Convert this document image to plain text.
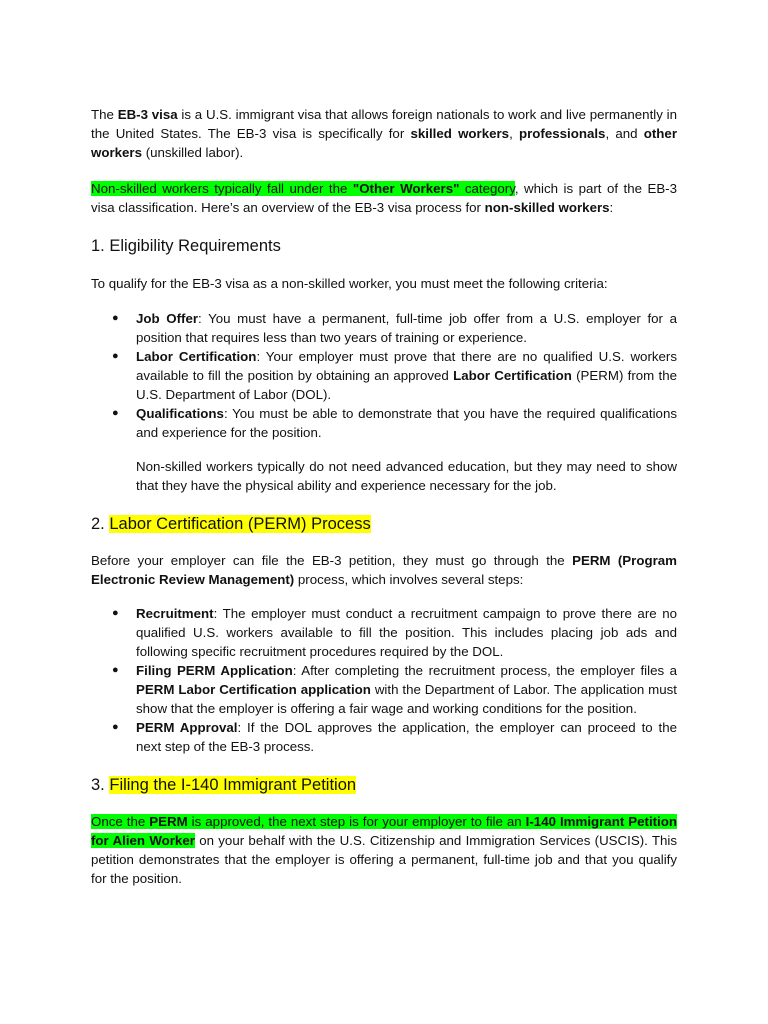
The EB-3 visa is a U.S. immigrant visa that allows foreign nationals to work and live permanently in the United States. The EB-3 visa is specifically for skilled workers, professionals, and other workers (unskilled labor).

Non-skilled workers typically fall under the "Other Workers" category, which is part of the EB-3 visa classification. Here’s an overview of the EB-3 visa process for non-skilled workers:

1. Eligibility Requirements

To qualify for the EB-3 visa as a non-skilled worker, you must meet the following criteria:

● Job Offer: You must have a permanent, full-time job offer from a U.S. employer for a position that requires less than two years of training or experience.
● Labor Certification: Your employer must prove that there are no qualified U.S. workers available to fill the position by obtaining an approved Labor Certification (PERM) from the U.S. Department of Labor (DOL).
● Qualifications: You must be able to demonstrate that you have the required qualifications and experience for the position.

Non-skilled workers typically do not need advanced education, but they may need to show that they have the physical ability and experience necessary for the job.

2. Labor Certification (PERM) Process

Before your employer can file the EB-3 petition, they must go through the PERM (Program Electronic Review Management) process, which involves several steps:

● Recruitment: The employer must conduct a recruitment campaign to prove there are no qualified U.S. workers available to fill the position. This includes placing job ads and following specific recruitment procedures required by the DOL.
● Filing PERM Application: After completing the recruitment process, the employer files a PERM Labor Certification application with the Department of Labor. The application must show that the employer is offering a fair wage and working conditions for the position.
● PERM Approval: If the DOL approves the application, the employer can proceed to the next step of the EB-3 process.
3. Filing the I-140 Immigrant Petition

Once the PERM is approved, the next step is for your employer to file an I-140 Immigrant Petition for Alien Worker on your behalf with the U.S. Citizenship and Immigration Services (USCIS). This petition demonstrates that the employer is offering a permanent, full-time job and that you qualify for the position.
